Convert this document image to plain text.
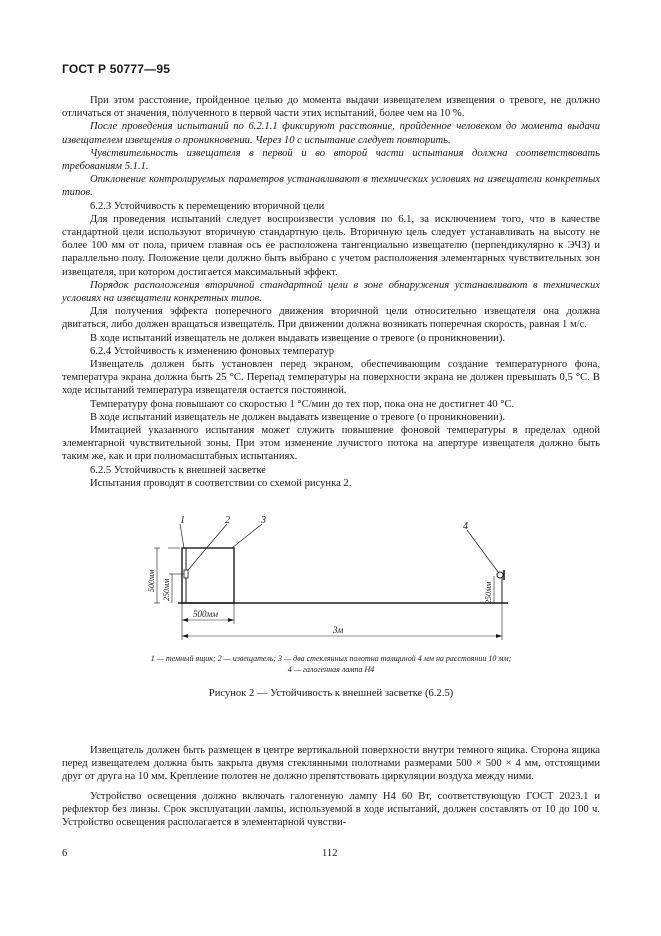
ГОСТ Р 50777—95

При этом расстояние, пройденное целью до момента выдачи извещателем извещения о тревоге, не должно отличаться от значения, полученного в первой части этих испытаний, более чем на 10 %.

После проведения испытаний по 6.2.1.1 фиксируют расстояние, пройденное человеком до момента выдачи извещателем извещения о проникновении. Через 10 с испытание следует повторить.

Чувствительность извещателя в первой и во второй части испытания должна соответствовать требованиям 5.1.1.

Отклонение контролируемых параметров устанавливают в технических условиях на извещатели конкретных типов.

6.2.3 Устойчивость к перемещению вторичной цели

Для проведения испытаний следует воспроизвести условия по 6.1, за исключением того, что в качестве стандартной цели используют вторичную стандартную цель. Вторичную цель следует устанавливать на высоту не более 100 мм от пола, причем главная ось ее расположена тангенциально извещателю (перпендикулярно к ЭЧЗ) и параллельно полу. Положение цели должно быть выбрано с учетом расположения элементарных чувствительных зон извещателя, при котором достигается максимальный эффект.

Порядок расположения вторичной стандартной цели в зоне обнаружения устанавливают в технических условиях на извещатели конкретных типов.

Для получения эффекта поперечного движения вторичной цели относительно извещателя она должна двигаться, либо должен вращаться извещатель. При движении должна возникать поперечная скорость, равная 1 м/с.

В ходе испытаний извещатель не должен выдавать извещение о тревоге (о проникновении).

6.2.4 Устойчивость к изменению фоновых температур

Извещатель должен быть установлен перед экраном, обеспечивающим создание температурного фона, температура экрана должна быть 25 °С. Перепад температуры на поверхности экрана не должен превышать 0,5 °С. В ходе испытаний температура извещателя остается постоянной.

Температуру фона повышают со скоростью 1 °С/мин до тех пор, пока она не достигнет 40 °С.

В ходе испытаний извещатель не должен выдавать извещение о тревоге (о проникновении).

Имитацией указанного испытания может служить повышение фоновой температуры в пределах одной элементарной чувствительной зоны. При этом изменение лучистого потока на апертуре извещателя должно быть таким же, как и при полномасштабных испытаниях.

6.2.5 Устойчивость к внешней засветке

Испытания проводят в соответствии со схемой рисунка 2.

1	2	3
4
500мм 250мм	250мм
500мм
3м
1 — темный ящик; 2 — извещатель; 3 — два стеклянных полотна толщиной 4 мм на расстоянии 10 мм;
4 — галогенная лампа Н4
Рисунок 2 — Устойчивость к внешней засветке (6.2.5)

Извещатель должен быть размещен в центре вертикальной поверхности внутри темного ящика. Сторона ящика перед извещателем должна быть закрыта двумя стеклянными полотнами размерами 500 × 500 × 4 мм, отстоящими друг от друга на 10 мм. Крепление полотен не должно препятствовать циркуляции воздуха между ними.

Устройство освещения должно включать галогенную лампу Н4 60 Вт, соответствующую ГОСТ 2023.1 и рефлектор без линзы. Срок эксплуатации лампы, используемой в ходе испытаний, должен составлять от 10 до 100 ч. Устройство освещения располагается в элементарной чувстви-

6	112
